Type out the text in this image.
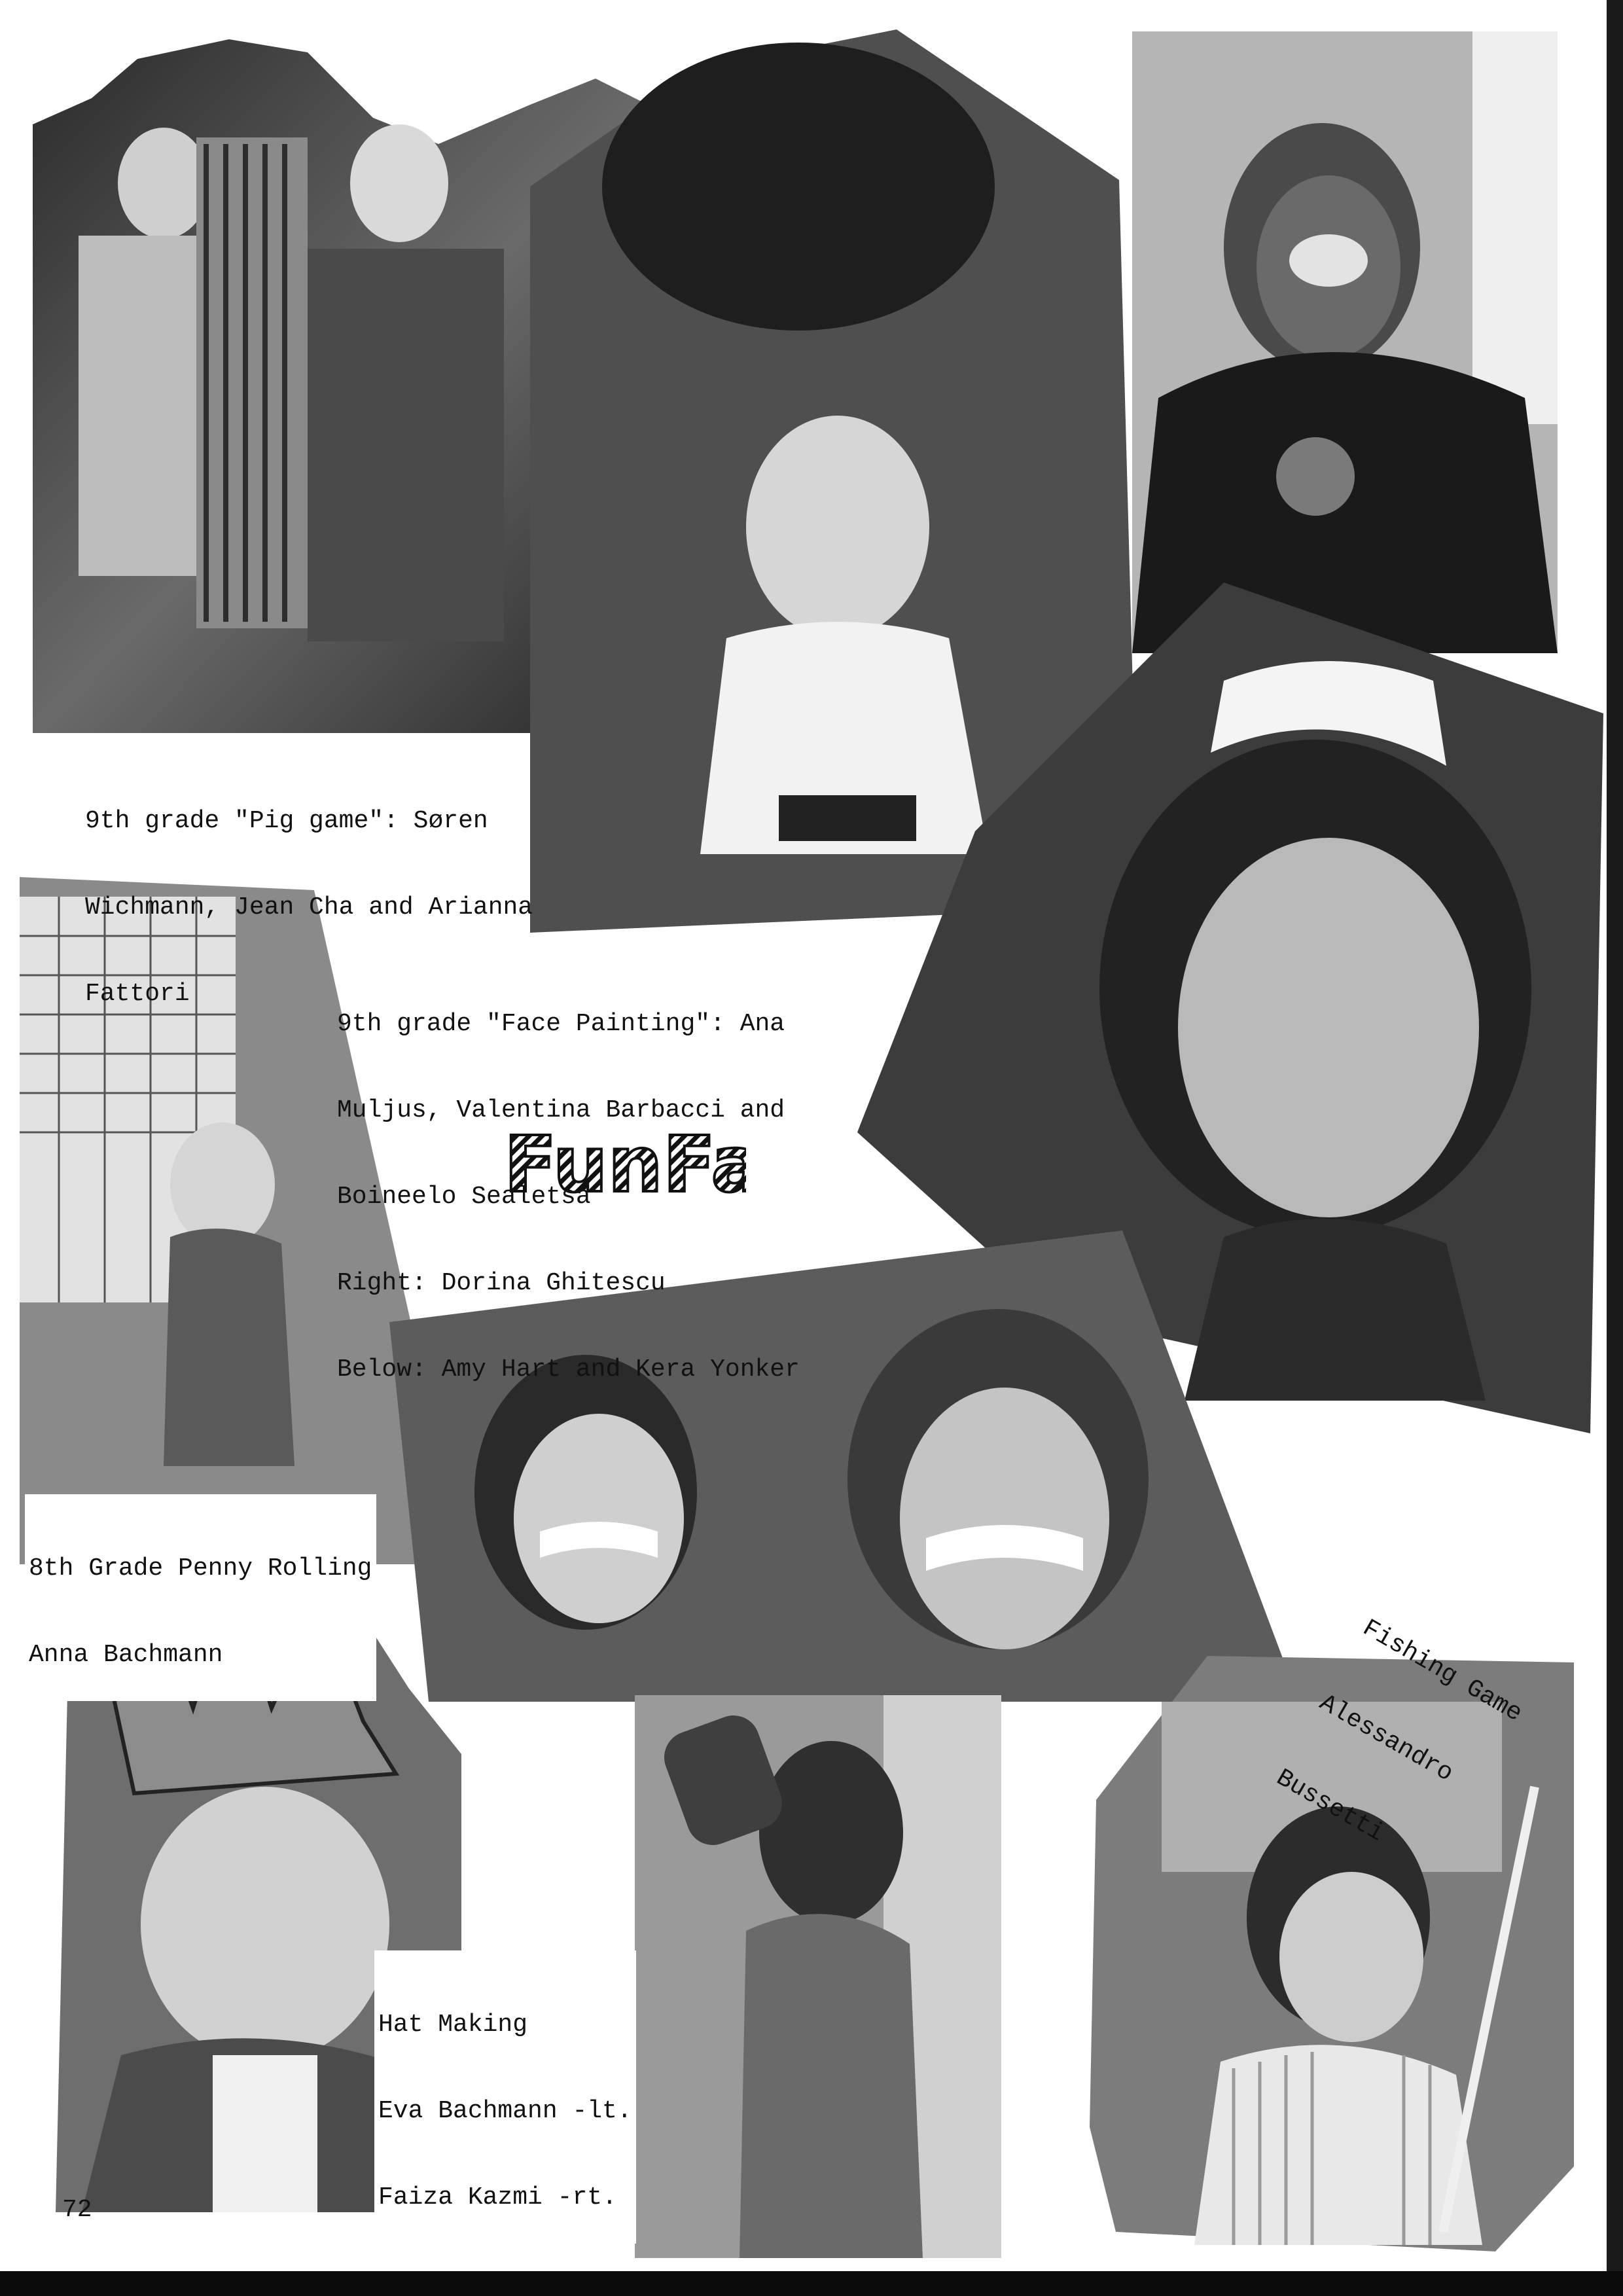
9th grade "Pig game": Søren

Wichmann, Jean Cha and Arianna

Fattori

9th grade "Face Painting": Ana

Muljus, Valentina Barbacci and

Boineelo Sealetsa

Right: Dorina Ghitescu

Below: Amy Hart and Kera Yonker

FunFa

8th Grade Penny Rolling

Anna Bachmann

Hat Making

Eva Bachmann -lt.

Faiza Kazmi -rt.

Fishing Game

Alessandro

Bussetti

72
